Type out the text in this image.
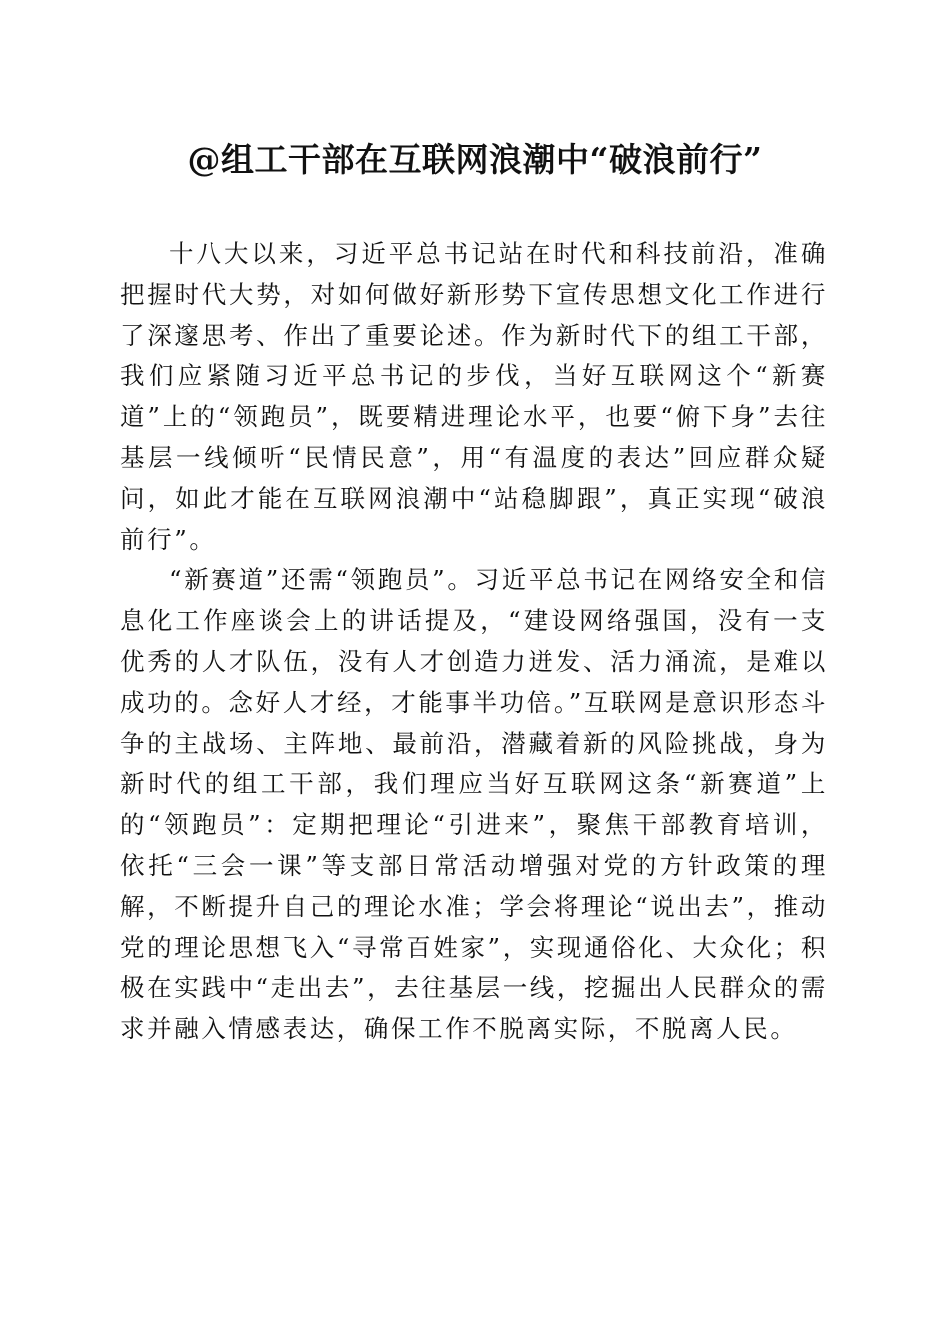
@组工干部在互联网浪潮中“破浪前行”

十八大以来，习近平总书记站在时代和科技前沿，准确把握时代大势，对如何做好新形势下宣传思想文化工作进行了深邃思考、作出了重要论述。作为新时代下的组工干部，我们应紧随习近平总书记的步伐，当好互联网这个“新赛道”上的“领跑员”，既要精进理论水平，也要“俯下身”去往基层一线倾听“民情民意”，用“有温度的表达”回应群众疑问，如此才能在互联网浪潮中“站稳脚跟”，真正实现“破浪前行”。

“新赛道”还需“领跑员”。习近平总书记在网络安全和信息化工作座谈会上的讲话提及，“建设网络强国，没有一支优秀的人才队伍，没有人才创造力迸发、活力涌流，是难以成功的。念好人才经，才能事半功倍。”互联网是意识形态斗争的主战场、主阵地、最前沿，潜藏着新的风险挑战，身为新时代的组工干部，我们理应当好互联网这条“新赛道”上的“领跑员”：定期把理论“引进来”，聚焦干部教育培训，依托“三会一课”等支部日常活动增强对党的方针政策的理解，不断提升自己的理论水准；学会将理论“说出去”，推动党的理论思想飞入“寻常百姓家”，实现通俗化、大众化；积极在实践中“走出去”，去往基层一线，挖掘出人民群众的需求并融入情感表达，确保工作不脱离实际，不脱离人民。
